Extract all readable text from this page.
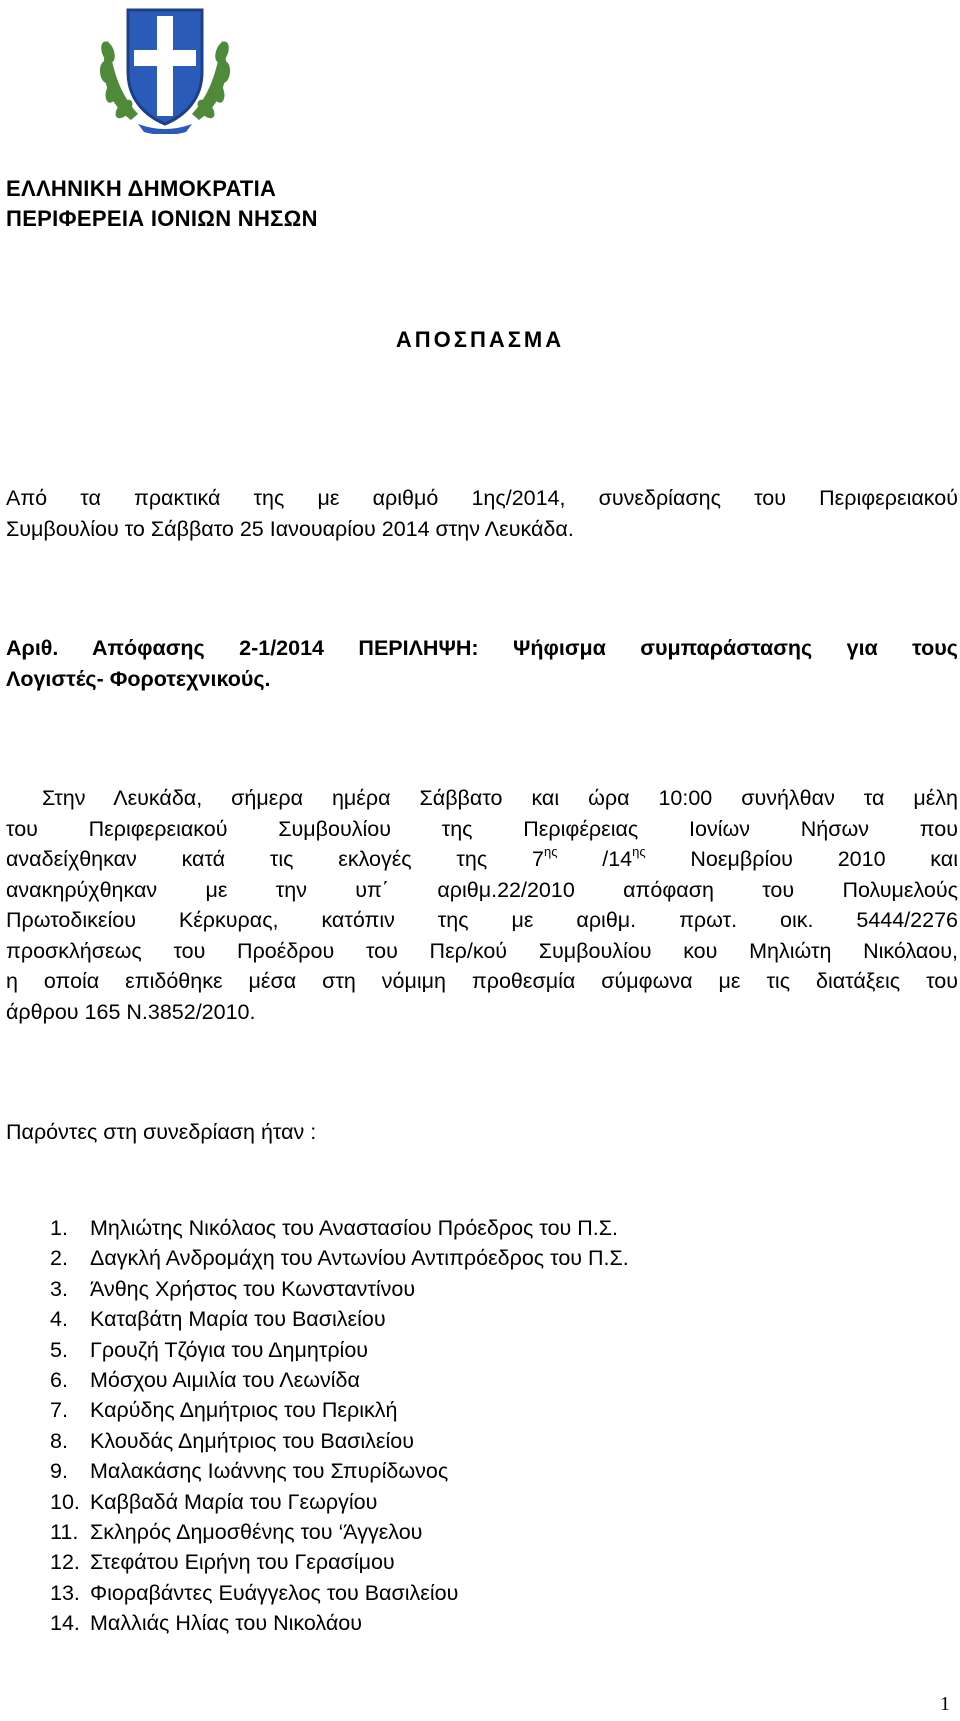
ΕΛΛΗΝΙΚΗ ΔΗΜΟΚΡΑΤΙΑ
ΠΕΡΙΦΕΡΕΙΑ ΙΟΝΙΩΝ ΝΗΣΩΝ
ΑΠΟΣΠΑΣΜΑ
Από τα πρακτικά της με αριθμό 1ης/2014, συνεδρίασης του Περιφερειακού
Συμβουλίου το Σάββατο 25 Ιανουαρίου 2014 στην Λευκάδα.
Αριθ. Απόφασης 2-1/2014 ΠΕΡΙΛΗΨΗ: Ψήφισμα συμπαράστασης για τους
Λογιστές- Φοροτεχνικούς.
Στην Λευκάδα, σήμερα ημέρα Σάββατο και ώρα 10:00 συνήλθαν τα μέλη
του Περιφερειακού Συμβουλίου της Περιφέρειας Ιονίων Νήσων που
αναδείχθηκαν κατά τις εκλογές της $7^{\eta\varsigma}$ $/14^{\eta\varsigma}$ Νοεμβρίου 2010 και
ανακηρύχθηκαν με την υπ΄ αριθμ.22/2010 απόφαση του Πολυμελούς
Πρωτοδικείου Κέρκυρας, κατόπιν της με αριθμ. πρωτ. οικ. 5444/2276
προσκλήσεως του Προέδρου του Περ/κού Συμβουλίου κου Μηλιώτη Νικόλαου,
η οποία επιδόθηκε μέσα στη νόμιμη προθεσμία σύμφωνα με τις διατάξεις του
άρθρου 165 Ν.3852/2010.
Παρόντες στη συνεδρίαση ήταν :
1. Μηλιώτης Νικόλαος του Αναστασίου Πρόεδρος του Π.Σ.
2. Δαγκλή Ανδρομάχη του Αντωνίου Αντιπρόεδρος του Π.Σ.
3. Άνθης Χρήστος του Κωνσταντίνου
4. Καταβάτη Μαρία του Βασιλείου
5. Γρουζή Τζόγια του Δημητρίου
6. Μόσχου Αιμιλία του Λεωνίδα
7. Καρύδης Δημήτριος του Περικλή
8. Κλουδάς Δημήτριος του Βασιλείου
9. Μαλακάσης Ιωάννης του Σπυρίδωνος
10. Καββαδά Μαρία του Γεωργίου
11. Σκληρός Δημοσθένης του ‘Άγγελου
12. Στεφάτου Ειρήνη του Γερασίμου
13. Φιοραβάντες Ευάγγελος του Βασιλείου
14. Μαλλιάς Ηλίας του Νικολάου
1
